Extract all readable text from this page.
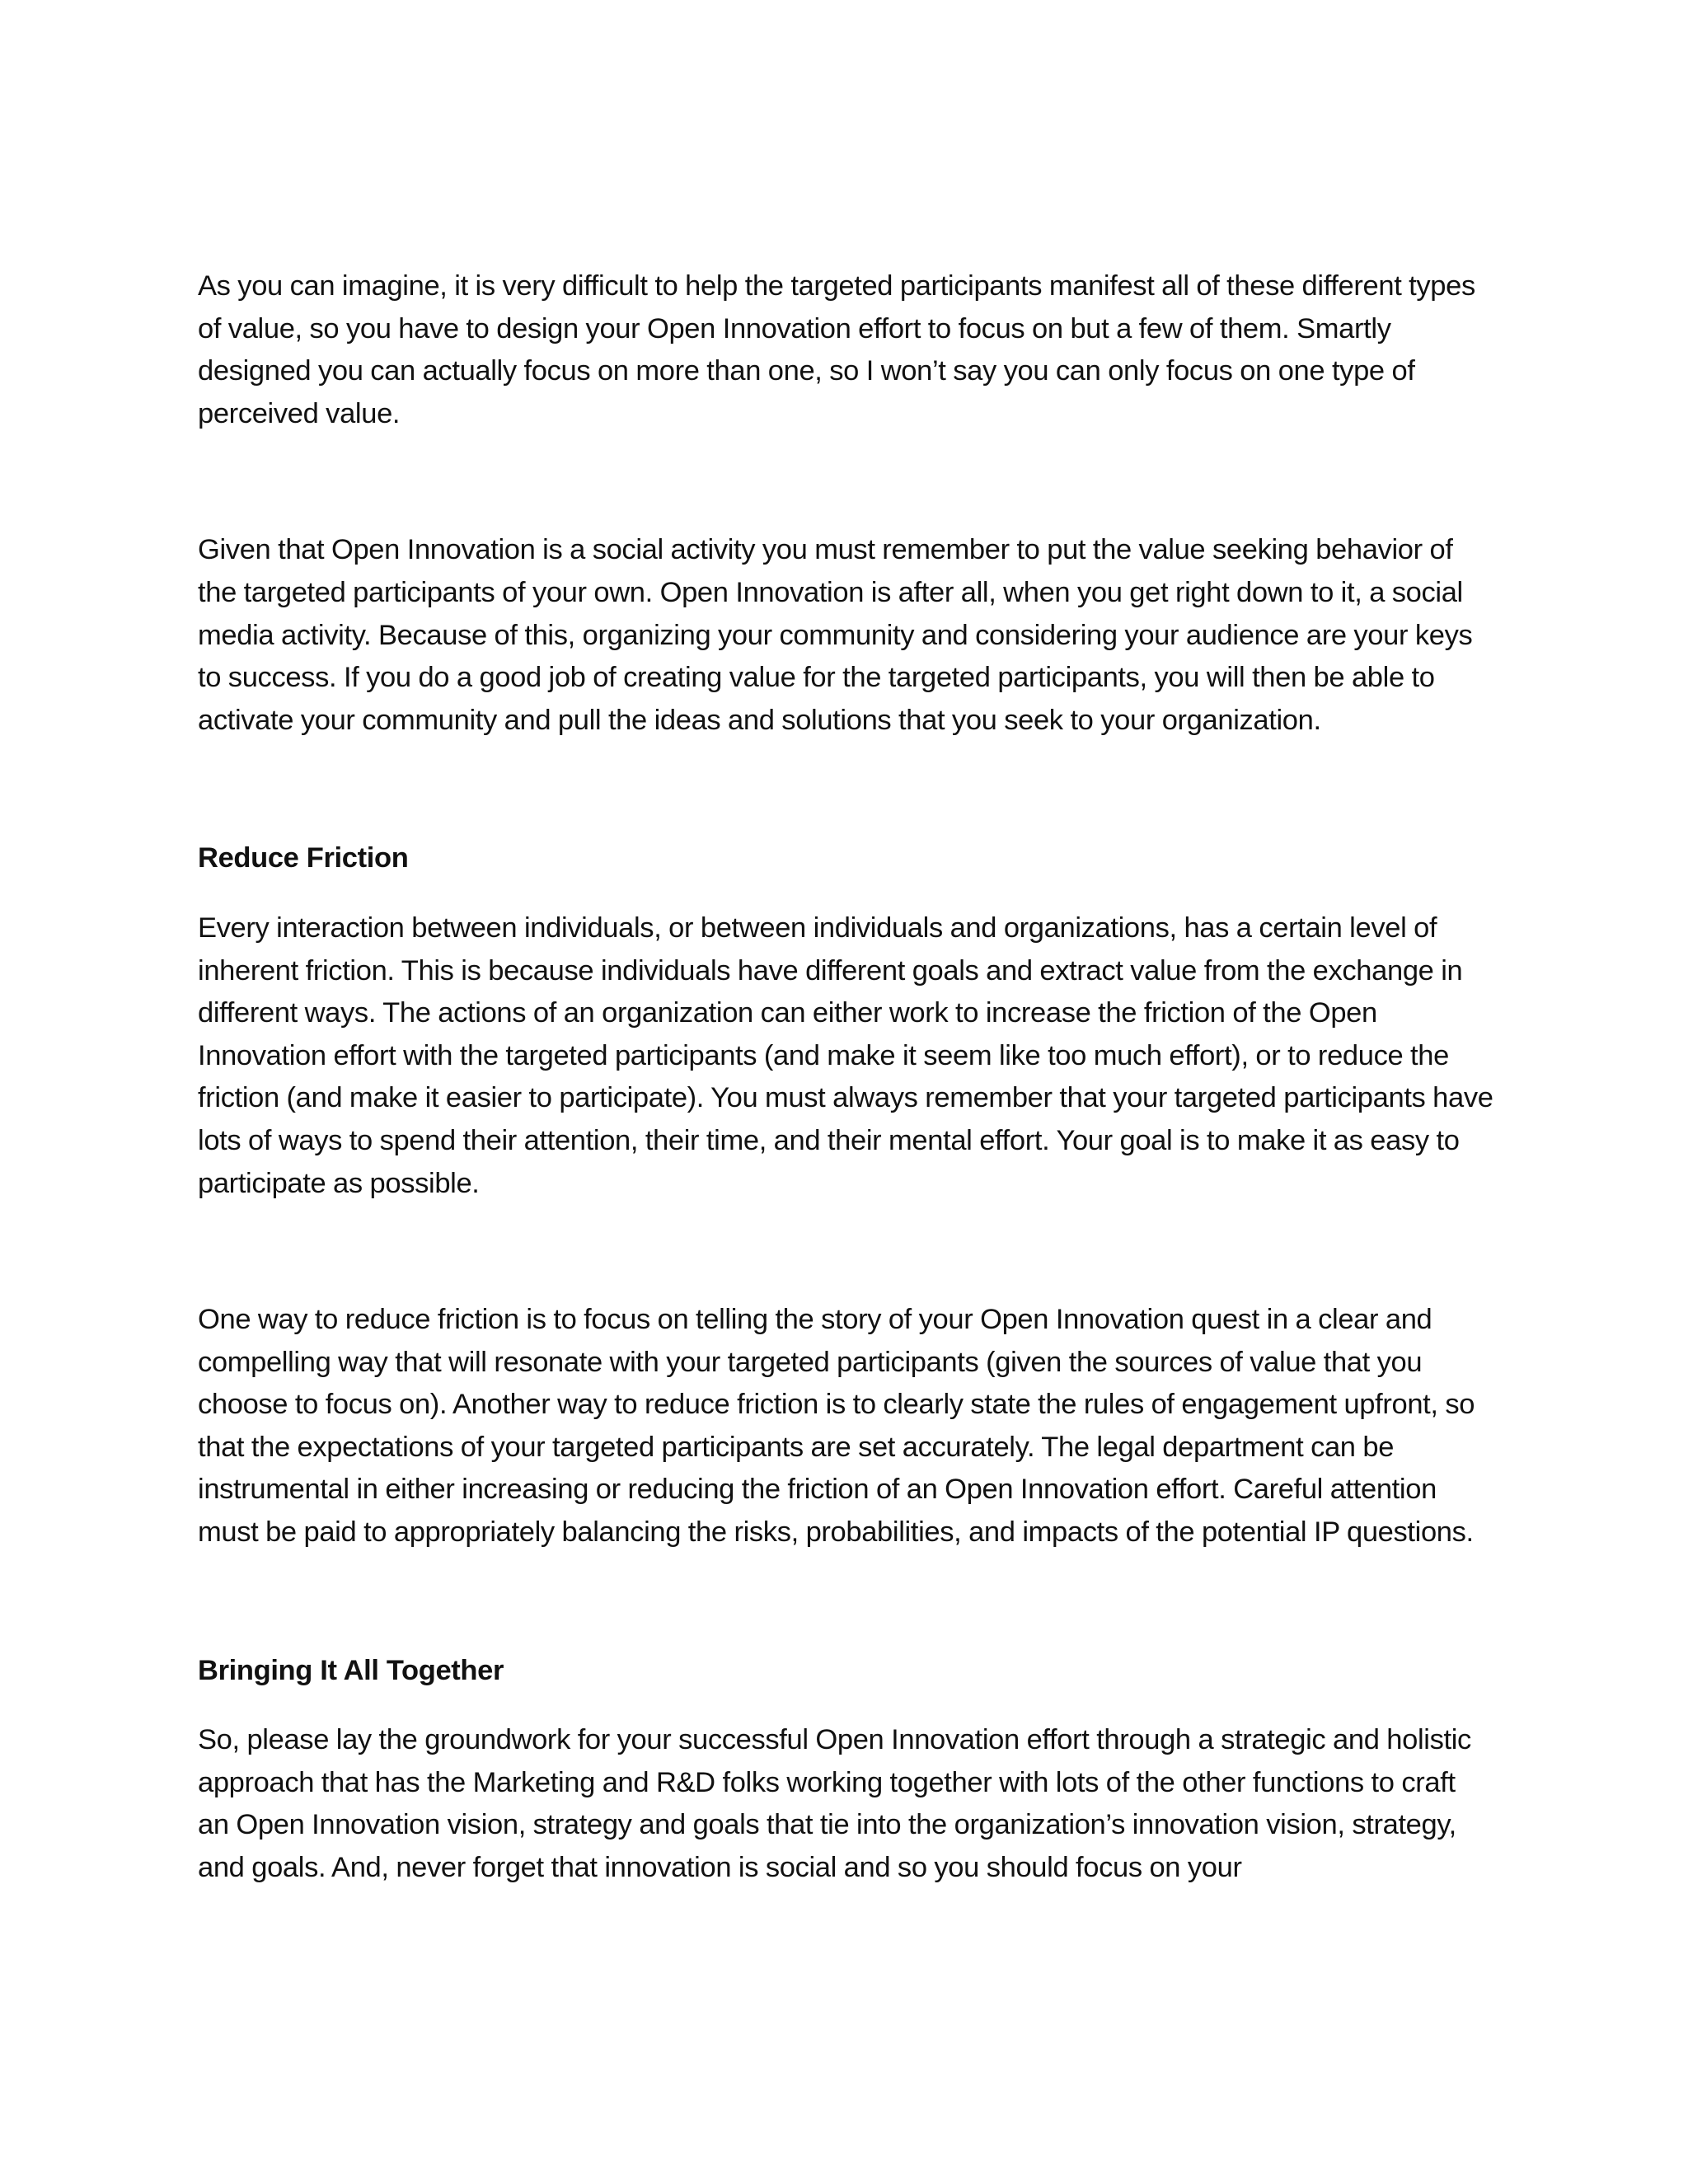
As you can imagine, it is very difficult to help the targeted participants manifest all of these different types of value, so you have to design your Open Innovation effort to focus on but a few of them. Smartly designed you can actually focus on more than one, so I won’t say you can only focus on one type of perceived value.

Given that Open Innovation is a social activity you must remember to put the value seeking behavior of the targeted participants of your own. Open Innovation is after all, when you get right down to it, a social media activity. Because of this, organizing your community and considering your audience are your keys to success. If you do a good job of creating value for the targeted participants, you will then be able to activate your community and pull the ideas and solutions that you seek to your organization.

Reduce Friction

Every interaction between individuals, or between individuals and organizations, has a certain level of inherent friction. This is because individuals have different goals and extract value from the exchange in different ways. The actions of an organization can either work to increase the friction of the Open Innovation effort with the targeted participants (and make it seem like too much effort), or to reduce the friction (and make it easier to participate). You must always remember that your targeted participants have lots of ways to spend their attention, their time, and their mental effort. Your goal is to make it as easy to participate as possible.

One way to reduce friction is to focus on telling the story of your Open Innovation quest in a clear and compelling way that will resonate with your targeted participants (given the sources of value that you choose to focus on). Another way to reduce friction is to clearly state the rules of engagement upfront, so that the expectations of your targeted participants are set accurately. The legal department can be instrumental in either increasing or reducing the friction of an Open Innovation effort. Careful attention must be paid to appropriately balancing the risks, probabilities, and impacts of the potential IP questions.

Bringing It All Together

So, please lay the groundwork for your successful Open Innovation effort through a strategic and holistic approach that has the Marketing and R&D folks working together with lots of the other functions to craft an Open Innovation vision, strategy and goals that tie into the organization’s innovation vision, strategy, and goals. And, never forget that innovation is social and so you should focus on your
